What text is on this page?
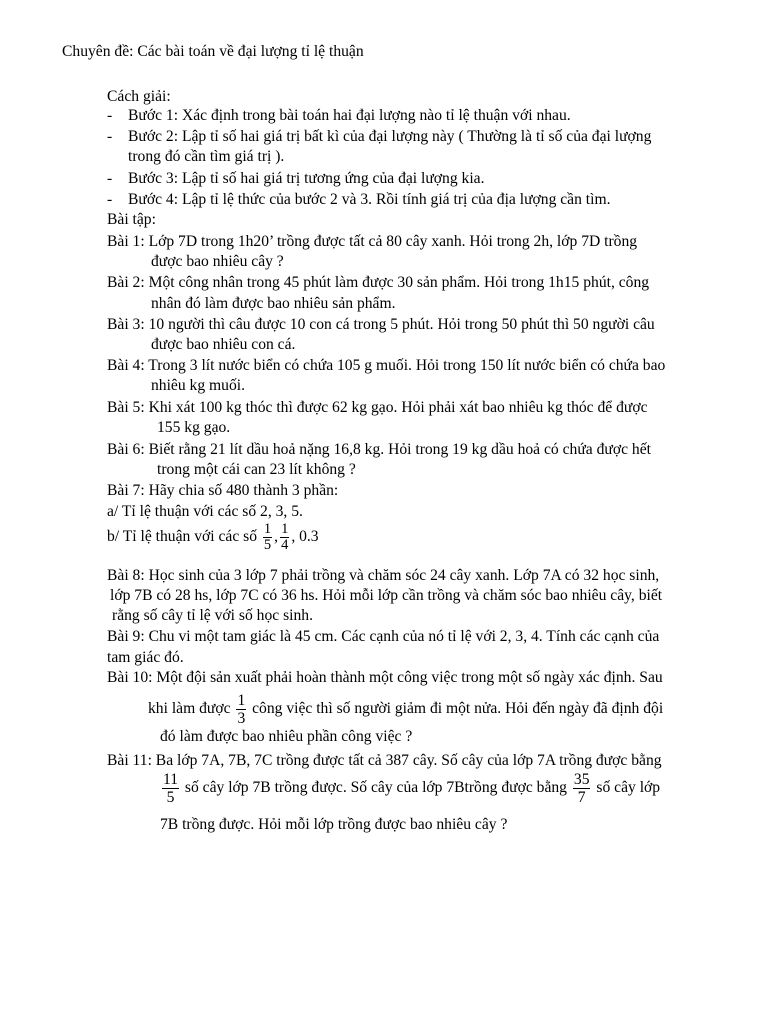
Chuyên đề: Các bài toán về đại lượng tỉ lệ thuận
Cách giải:
- Bước 1: Xác định trong bài toán hai đại lượng nào tỉ lệ thuận với nhau.
- Bước 2: Lập tỉ số hai giá trị bất kì của đại lượng này ( Thường là tỉ số của đại lượng
trong đó cần tìm giá trị ).
- Bước 3: Lập tỉ số hai giá trị tương ứng của đại lượng kia.
- Bước 4: Lập tỉ lệ thức của bước 2 và 3. Rồi tính giá trị của địa lượng cần tìm.
Bài tập:
Bài 1: Lớp 7D trong 1h20’ trồng được tất cả 80 cây xanh. Hỏi trong 2h, lớp 7D trồng
được bao nhiêu cây ?
Bài 2: Một công nhân trong 45 phút làm được 30 sản phẩm. Hỏi trong 1h15 phút, công
nhân đó làm được bao nhiêu sản phẩm.
Bài 3: 10 người thì câu được 10 con cá trong 5 phút. Hỏi trong 50 phút thì 50 người câu
được bao nhiêu con cá.
Bài 4: Trong 3 lít nước biển có chứa 105 g muối. Hỏi trong 150 lít nước biển có chứa bao
nhiêu kg muối.
Bài 5: Khi xát 100 kg thóc thì được 62 kg gạo. Hỏi phải xát bao nhiêu kg thóc để được
155 kg gạo.
Bài 6: Biết rằng 21 lít dầu hoả nặng 16,8 kg. Hỏi trong 19 kg dầu hoả có chứa được hết
trong một cái can 23 lít không ?
Bài 7: Hãy chia số 480 thành 3 phần:
a/ Tỉ lệ thuận với các số 2, 3, 5.
b/ Tỉ lệ thuận với các số $\frac{1}{5}$ , $\frac{1}{4}$ , 0.3
Bài 8: Học sinh của 3 lớp 7 phải trồng và chăm sóc 24 cây xanh. Lớp 7A có 32 học sinh,
lớp 7B có 28 hs, lớp 7C có 36 hs. Hỏi mỗi lớp cần trồng và chăm sóc bao nhiêu cây, biết
rằng số cây tỉ lệ với số học sinh.
Bài 9: Chu vi một tam giác là 45 cm. Các cạnh của nó tỉ lệ với 2, 3, 4. Tính các cạnh của
tam giác đó.
Bài 10: Một đội sản xuất phải hoàn thành một công việc trong một số ngày xác định. Sau
khi làm được $\frac{1}{3}$ công việc thì số người giảm đi một nửa. Hỏi đến ngày đã định đội
đó làm được bao nhiêu phần công việc ?
Bài 11: Ba lớp 7A, 7B, 7C trồng được tất cả 387 cây. Số cây của lớp 7A trồng được bằng
$\frac{11}{5}$ số cây lớp 7B trồng được. Số cây của lớp 7Btrồng được bằng $\frac{35}{7}$ số cây lớp
7B trồng được. Hỏi mỗi lớp trồng được bao nhiêu cây ?
